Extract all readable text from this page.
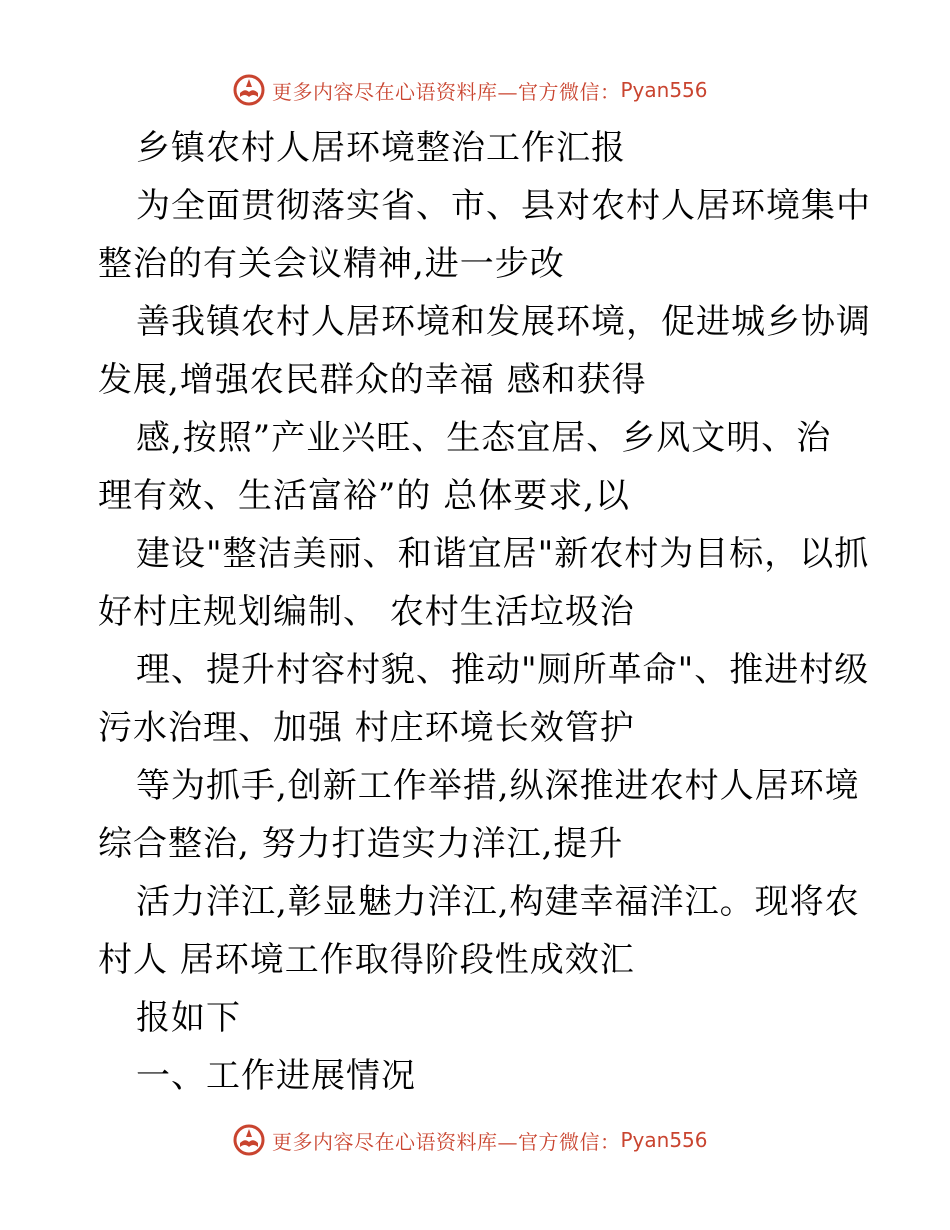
更多内容尽在心语资料库—官方微信： Pyan556
乡镇农村人居环境整治工作汇报
为全面贯彻落实省、市、县对农村人居环境集中
整治的有关会议精神,进一步改
善我镇农村人居环境和发展环境，促进城乡协调
发展,增强农民群众的幸福 感和获得
感,按照”产业兴旺、生态宜居、乡风文明、治
理有效、生活富裕”的 总体要求,以
建设"整洁美丽、和谐宜居"新农村为目标，以抓
好村庄规划编制、 农村生活垃圾治
理、提升村容村貌、推动"厕所革命"、推进村级
污水治理、加强 村庄环境长效管护
等为抓手,创新工作举措,纵深推进农村人居环境
综合整治, 努力打造实力洋江,提升
活力洋江,彰显魅力洋江,构建幸福洋江。现将农
村人 居环境工作取得阶段性成效汇
报如下
一、工作进展情况
更多内容尽在心语资料库—官方微信： Pyan556
